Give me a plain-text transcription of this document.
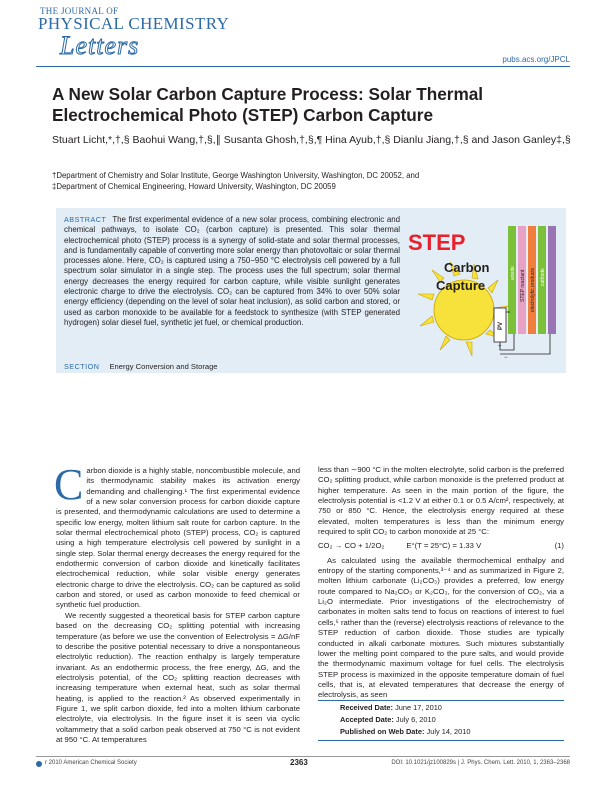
THE JOURNAL OF
PHYSICAL CHEMISTRY
Letters	pubs.acs.org/JPCL
A New Solar Carbon Capture Process: Solar Thermal Electrochemical Photo (STEP) Carbon Capture
Stuart Licht,*,†,§ Baohui Wang,†,§,∥ Susanta Ghosh,†,§,¶ Hina Ayub,†,§ Dianlu Jiang,†,§ and Jason Ganley‡,§
†Department of Chemistry and Solar Institute, George Washington University, Washington, DC 20052, and
‡Department of Chemical Engineering, Howard University, Washington, DC 20059
ABSTRACT The first experimental evidence of a new solar process, combining electronic and chemical pathways, to isolate CO₂ (carbon capture) is presented. This solar thermal electrochemical photo (STEP) process is a synergy of solid-state and solar thermal processes, and is fundamentally capable of converting more solar energy than photovoltaic or solar thermal processes alone. Here, CO₂ is captured using a 750−950 °C electrolysis cell powered by a full spectrum solar simulator in a single step. The process uses the full spectrum; solar thermal energy decreases the energy required for carbon capture, while visible sunlight generates electronic charge to drive the electrolysis. CO₂ can be captured from 34% to over 50% solar energy efficiency (depending on the level of solar heat inclusion), as solid carbon and stored, or used as carbon monoxide to be available for a feedstock to synthesize (with STEP generated hydrogen) solar diesel fuel, synthetic jet fuel, or chemical production.
SECTION Energy Conversion and Storage
STEP
Carbon
Capture
anode STEP reactant electrolytic products cathode
PV
−
+

Carbon dioxide is a highly stable, noncombustible molecule, and its thermodynamic stability makes its activation energy demanding and challenging.¹ The first experimental evidence of a new solar conversion process for carbon dioxide capture is presented, and thermodynamic calculations are used to determine a specific low energy, molten lithium salt route for carbon capture. In the solar thermal electrochemical photo (STEP) process, CO₂ is captured using a high temperature electrolysis cell powered by sunlight in a single step. Solar thermal energy decreases the energy required for the endothermic conversion of carbon dioxide and kinetically facilitates electrochemical reduction, while solar visible energy generates electronic charge to drive the electrolysis. CO₂ can be captured as solid carbon and stored, or used as carbon monoxide to feed chemical or synthetic fuel production.

We recently suggested a theoretical basis for STEP carbon capture based on the decreasing CO₂ splitting potential with increasing temperature (as before we use the convention of Eelectrolysis = ΔG/nF to describe the positive potential necessary to drive a nonspontaneous electrolytic reduction). The reaction enthalpy is largely temperature invariant. As an endothermic process, the free energy, ΔG, and the electrolysis potential, of the CO₂ splitting reaction decreases with increasing temperature when external heat, such as solar thermal heating, is applied to the reaction.² As observed experimentally in Figure 1, we split carbon dioxide, fed into a molten lithium carbonate electrolyte, via electrolysis. In the figure inset it is seen via cyclic voltammetry that a solid carbon peak observed at 750 °C is not evident at 950 °C. At temperatures

less than ∼900 °C in the molten electrolyte, solid carbon is the preferred CO₂ splitting product, while carbon monoxide is the preferred product at higher temperature. As seen in the main portion of the figure, the electrolysis potential is <1.2 V at either 0.1 or 0.5 A/cm², respectively, at 750 or 850 °C. Hence, the electrolysis energy required at these elevated, molten temperatures is less than the minimum energy required to split CO₂ to carbon monoxide at 25 °C:

CO₂ → CO + 1/2O₂	E°(T = 25°C) = 1.33 V	(1)

As calculated using the available thermochemical enthalpy and entropy of the starting components,³⁻⁴ and as summarized in Figure 2, molten lithium carbonate (Li₂CO₃) provides a preferred, low energy route compared to Na₂CO₃ or K₂CO₃, for the conversion of CO₂, via a Li₂O intermediate. Prior investigations of the electrochemistry of carbonates in molten salts tend to focus on reactions of interest to fuel cells,⁵ rather than the (reverse) electrolysis reactions of relevance to the STEP reduction of carbon dioxide. Those studies are typically conducted in alkali carbonate mixtures. Such mixtures substantially lower the melting point compared to the pure salts, and would provide the thermodynamic maximum voltage for fuel cells. The electrolysis STEP process is maximized in the opposite temperature domain of fuel cells, that is, at elevated temperatures that decrease the energy of electrolysis, as seen

Received Date: June 17, 2010
Accepted Date: July 6, 2010
Published on Web Date: July 14, 2010
r 2010 American Chemical Society	2363	DOI: 10.1021/jz100829s | J. Phys. Chem. Lett. 2010, 1, 2363–2368
